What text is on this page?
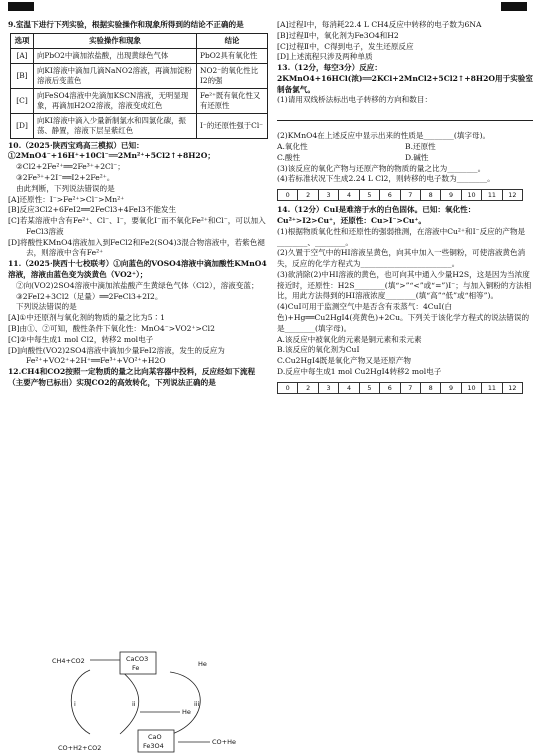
9.室温下进行下列实验，根据实验操作和现象所得到的结论不正确的是

选项	实验操作和现象	结论
[A]	向PbO2中滴加浓盐酸，出现黄绿色气体	PbO2具有氧化性
[B]	向KI溶液中滴加几滴NaNO2溶液，再滴加淀粉溶液后变蓝色	NO2⁻的氧化性比I2的强
[C]	向FeSO4溶液中先滴加KSCN溶液，无明显现象，再滴加H2O2溶液，溶液变成红色	Fe²⁺既有氧化性又有还原性
[D]	向KI溶液中滴入少量新制氯水和四氯化碳，振荡、静置，溶液下层呈紫红色	I⁻的还原性强于Cl⁻

10.（2025·陕西宝鸡高三模拟）已知：①2MnO4⁻+16H⁺+10Cl⁻══2Mn²⁺+5Cl2↑+8H2O；

②Cl2+2Fe²⁺══2Fe³⁺+2Cl⁻；

③2Fe³⁺+2I⁻══I2+2Fe²⁺。

由此判断，下列说法错误的是

[A]还原性：I⁻>Fe²⁺>Cl⁻>Mn²⁺

[B]反应3Cl2+6FeI2══2FeCl3+4FeI3不能发生

[C]若某溶液中含有Fe²⁺、Cl⁻、I⁻，要氧化I⁻而不氧化Fe²⁺和Cl⁻，可以加入FeCl3溶液

[D]将酸性KMnO4溶液加入到FeCl2和Fe2(SO4)3混合物溶液中，若紫色褪去，则溶液中含有Fe²⁺

11.（2025·陕西十七校联考）①向蓝色的VOSO4溶液中滴加酸性KMnO4溶液，溶液由蓝色变为淡黄色（VO2⁺）；

②向(VO2)2SO4溶液中滴加浓盐酸产生黄绿色气体（Cl2），溶液变蓝；

③2FeI2+3Cl2（足量）══2FeCl3+2I2。

下列说法错误的是

[A]①中还原剂与氧化剂的物质的量之比为5∶1

[B]由①、②可知，酸性条件下氧化性：MnO4⁻>VO2⁺>Cl2

[C]②中每生成1 mol Cl2，转移2 mol电子

[D]向酸性(VO2)2SO4溶液中滴加少量FeI2溶液，发生的反应为Fe²⁺+VO2⁺+2H⁺══Fe³⁺+VO²⁺+H2O

12.CH4和CO2按照一定物质的量之比向某容器中投料，反应经如下流程（主要产物已标出）实现CO2的高效转化，下列说法正确的是

CH4+CO2	CaCO3
Fe
CaO
Fe3O4
CO+H2+CO2
He
He
CO+He
i	ii	iii

[A]过程Ⅰ中，每消耗22.4 L CH4反应中转移的电子数为6NA

[B]过程Ⅱ中，氧化剂为Fe3O4和H2

[C]过程Ⅱ中，C得到电子，发生还原反应

[D]上述流程只涉及两种单质

13.（12分，每空3分）反应：2KMnO4+16HCl(浓)══2KCl+2MnCl2+5Cl2↑+8H2O用于实验室制备氯气。

(1)请用双线桥法标出电子转移的方向和数目：

(2)KMnO4在上述反应中显示出来的性质是________(填字母)。

A.氧化性	B.还原性
C.酸性	D.碱性

(3)该反应的氧化产物与还原产物的物质的量之比为________。

(4)若标准状况下生成2.24 L Cl2，则转移的电子数为________。

0	2	3	4	5	6	7	8	9	10	11	12

14.（12分）CuI是难溶于水的白色固体。已知：氧化性：Cu²⁺>I2>Cu⁺，还原性：Cu>I⁻>Cu⁺。

(1)根据物质氧化性和还原性的强弱推测，在溶液中Cu²⁺和I⁻反应的产物是________、________。

(2)久置于空气中的HI溶液呈黄色，向其中加入一些铜粉，可使溶液黄色消失，反应的化学方程式为________________________。

(3)欲消除(2)中HI溶液的黄色，也可向其中通入少量H2S，这是因为当浓度接近时，还原性：H2S________(填“>”“<”或“=”)I⁻；与加入铜粉的方法相比，用此方法得到的HI溶液浓度________(填“高”“低”或“相等”)。

(4)CuI可用于监测空气中是否含有汞蒸气：4CuI(白色)+Hg══Cu2HgI4(亮黄色)+2Cu。下列关于该化学方程式的说法错误的是________(填字母)。

A.该反应中被氧化的元素是铜元素和汞元素

B.该反应的氧化剂为CuI

C.Cu2HgI4既是氧化产物又是还原产物

D.反应中每生成1 mol Cu2HgI4转移2 mol电子

0	2	3	4	5	6	7	8	9	10	11	12
